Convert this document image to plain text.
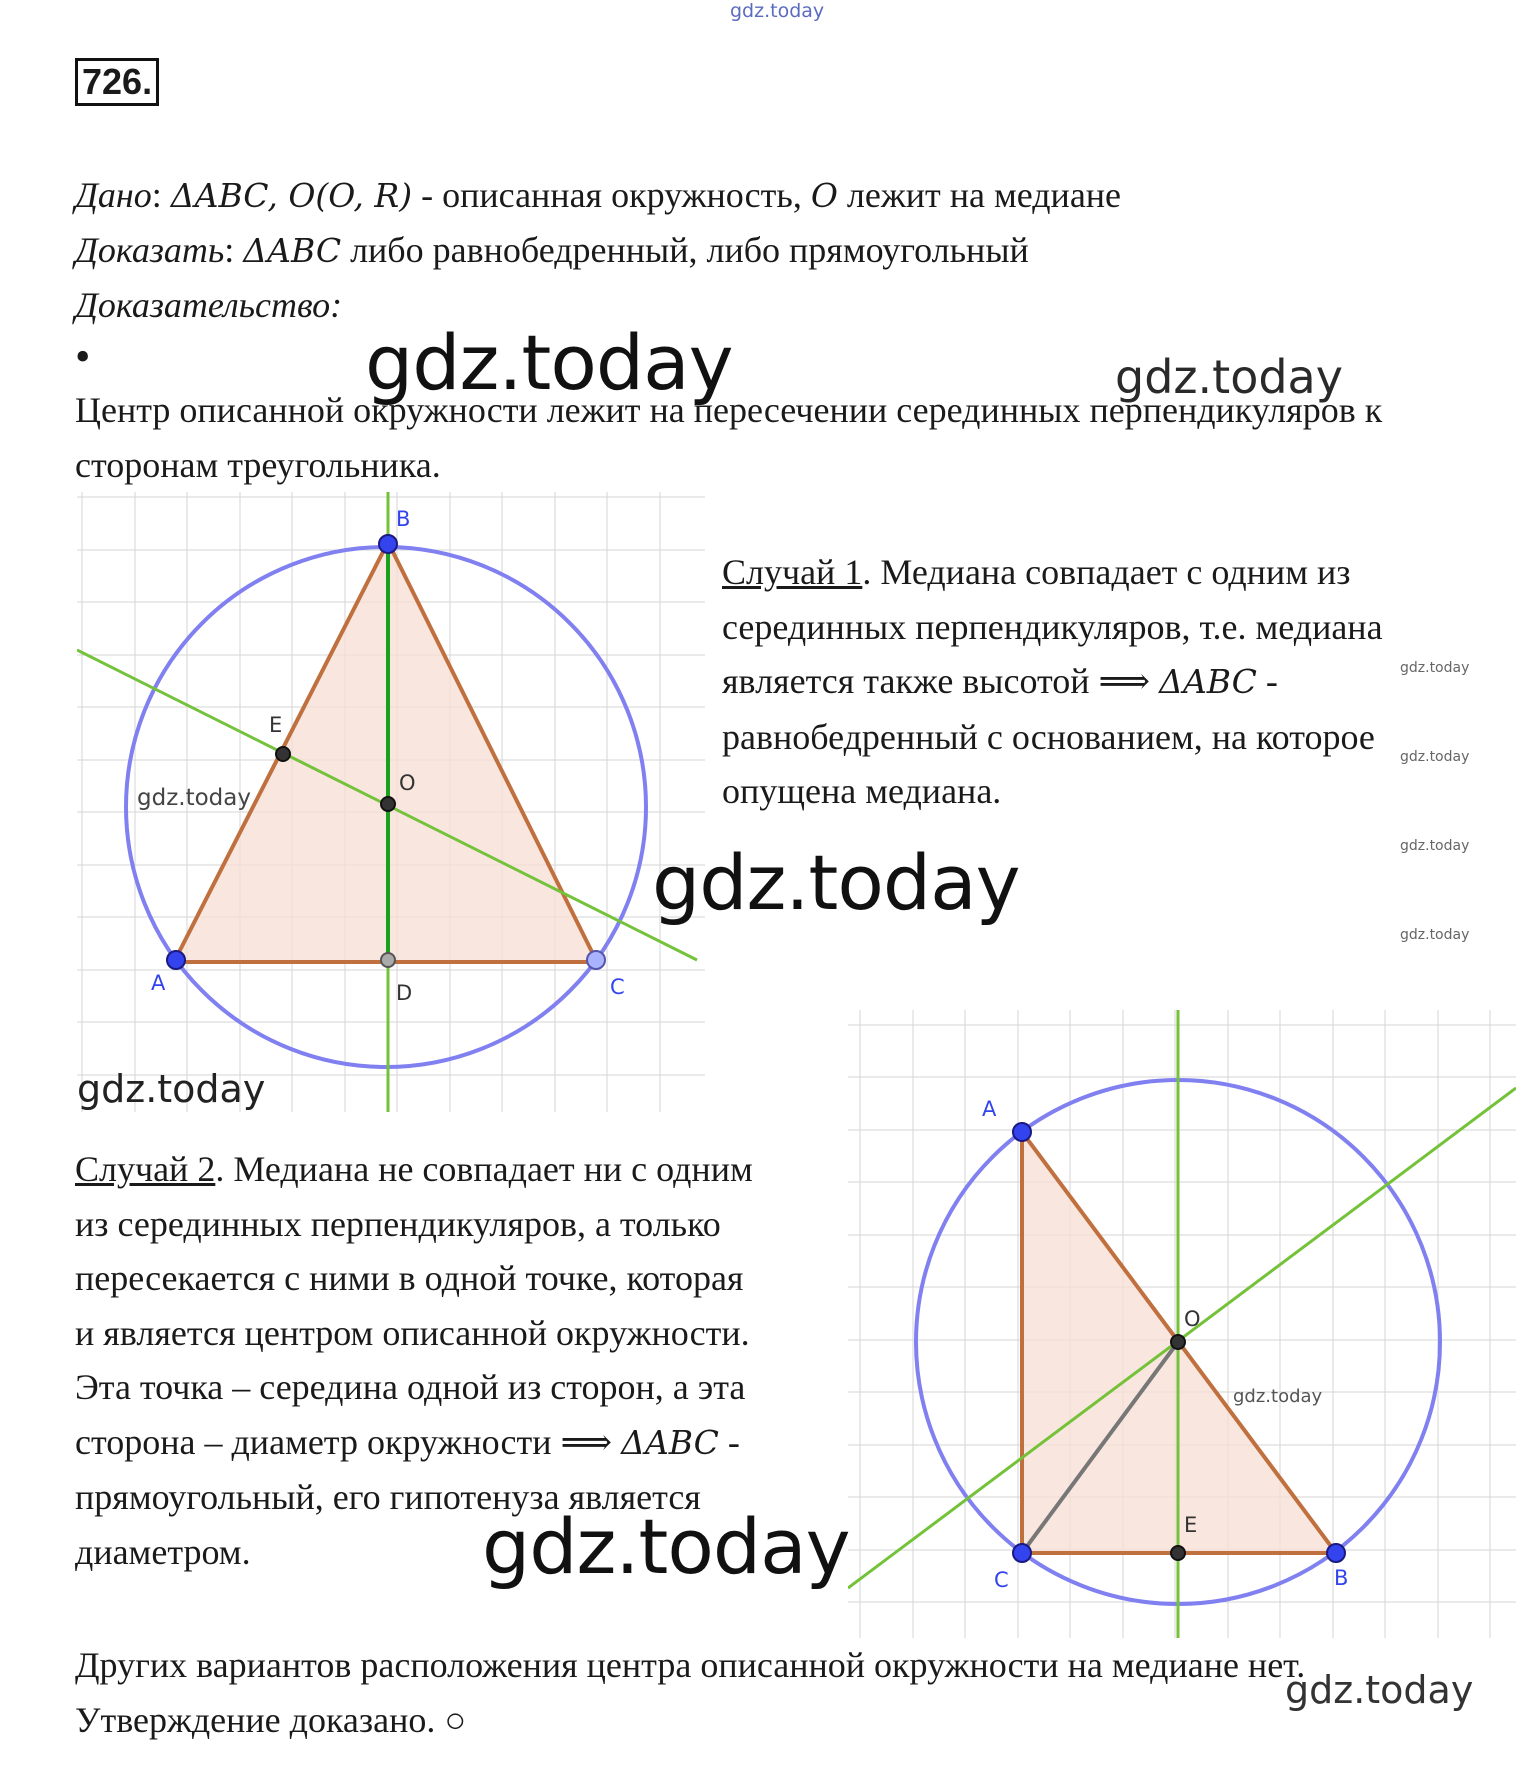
gdz.today
726.
Дано: ΔABC, O(O, R) - описанная окружность, O лежит на медиане
Доказать: ΔABC либо равнобедренный, либо прямоугольный
Доказательство:
•	gdz.today	gdz.today
Центр описанной окружности лежит на пересечении серединных перпендикуляров к
сторонам треугольника.
A
B
C
D
E
O
gdz.today
gdz.today
gdz.today
Случай 1. Медиана совпадает с одним из
серединных перпендикуляров, т.е. медиана
является также высотой ⟹ ΔABC -
равнобедренный с основанием, на которое
опущена медиана.
gdz.today
gdz.today
gdz.today
gdz.today
Случай 2. Медиана не совпадает ни с одним
из серединных перпендикуляров, а только
пересекается с ними в одной точке, которая
и является центром описанной окружности.
Эта точка – середина одной из сторон, а эта
сторона – диаметр окружности ⟹ ΔABC -
прямоугольный, его гипотенуза является
диаметром.
A
B
C
E
O
gdz.today
gdz.today
Других вариантов расположения центра описанной окружности на медиане нет.
gdz.today
Утверждение доказано. ○
